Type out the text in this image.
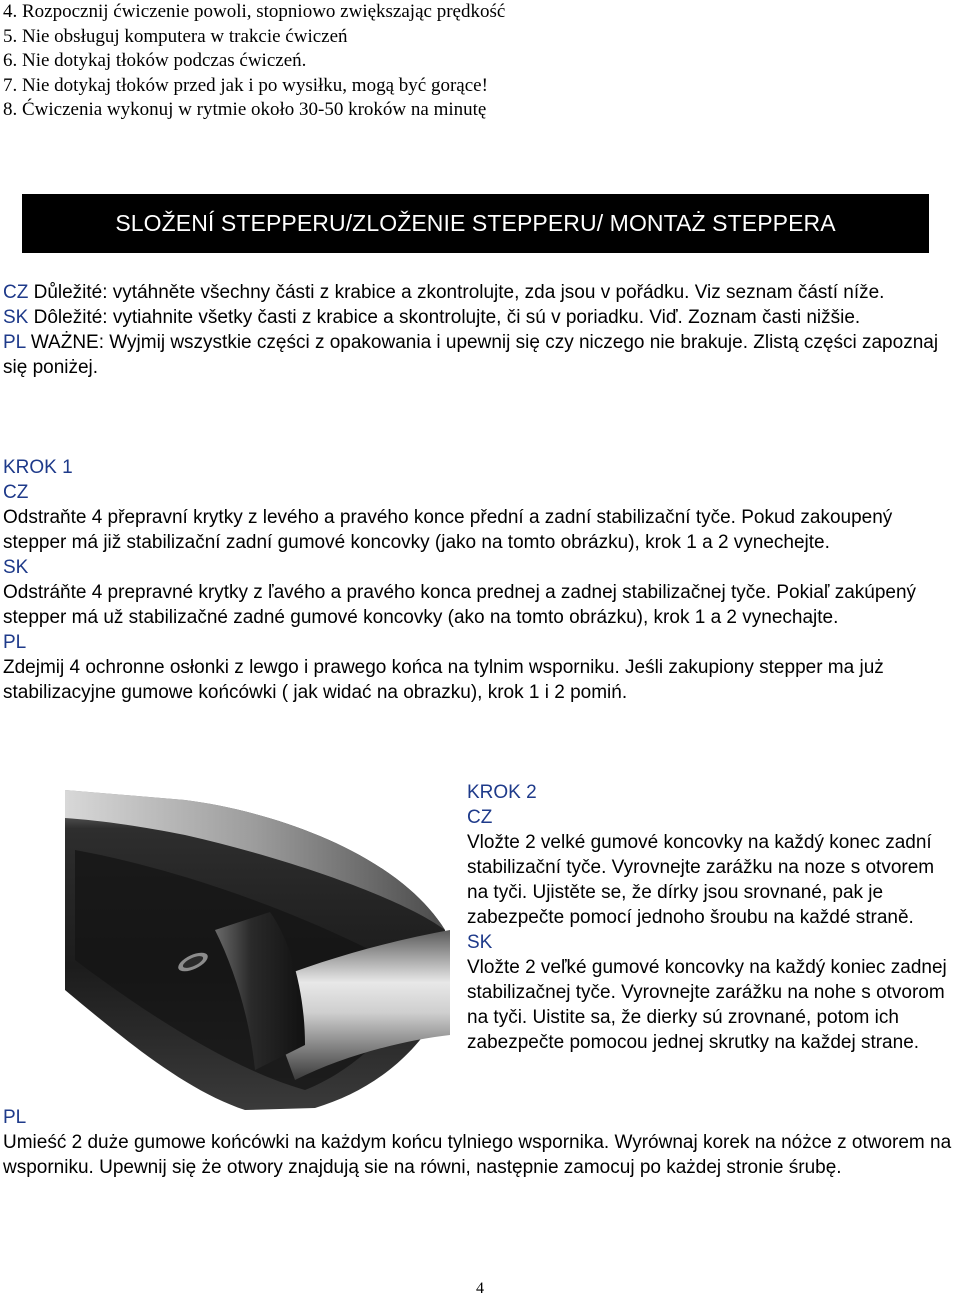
4. Rozpocznij ćwiczenie powoli, stopniowo zwiększając prędkość
5. Nie obsługuj komputera w trakcie ćwiczeń
6. Nie dotykaj tłoków podczas ćwiczeń.
7. Nie dotykaj tłoków przed jak i po wysiłku, mogą być gorące!
8. Ćwiczenia wykonuj w rytmie około 30-50 kroków na minutę
SLOŽENÍ STEPPERU/ZLOŽENIE STEPPERU/ MONTAŻ STEPPERA

CZ Důležité: vytáhněte všechny části z krabice a zkontrolujte, zda jsou v pořádku. Viz seznam částí níže.

SK Dôležité: vytiahnite všetky časti z krabice a skontrolujte, či sú v poriadku. Viď. Zoznam časti nižšie.

PL WAŻNE: Wyjmij wszystkie części z opakowania i upewnij się czy niczego nie brakuje. Zlistą części zapoznaj się poniżej.

KROK 1

CZ

Odstraňte 4 přepravní krytky z levého a pravého konce přední a zadní stabilizační tyče. Pokud zakoupený stepper má již stabilizační zadní gumové koncovky (jako na tomto obrázku), krok 1 a 2 vynechejte.

SK

Odstráňte 4 prepravné krytky z ľavého a pravého konca prednej a zadnej stabilizačnej tyče. Pokiaľ zakúpený stepper má už stabilizačné zadné gumové koncovky (ako na tomto obrázku), krok 1 a 2 vynechajte.

PL

Zdejmij 4 ochronne osłonki z lewgo i prawego końca na tylnim wsporniku. Jeśli zakupiony stepper ma już stabilizacyjne gumowe końcówki ( jak widać na obrazku), krok 1 i 2 pomiń.

KROK 2

CZ

Vložte 2 velké gumové koncovky na každý konec zadní stabilizační tyče. Vyrovnejte zarážku na noze s otvorem na tyči. Ujistěte se, že dírky jsou srovnané, pak je zabezpečte pomocí jednoho šroubu na každé straně.

SK

Vložte 2 veľké gumové koncovky na každý koniec zadnej stabilizačnej tyče. Vyrovnejte zarážku na nohe s otvorom na tyči. Uistite sa, že dierky sú zrovnané, potom ich zabezpečte pomocou jednej skrutky na každej strane.

PL

Umieść 2 duże gumowe końcówki na każdym końcu tylniego wspornika. Wyrównaj korek na nóżce z otworem na wsporniku. Upewnij się że otwory znajdują sie na równi, następnie zamocuj po każdej stronie śrubę.

4
